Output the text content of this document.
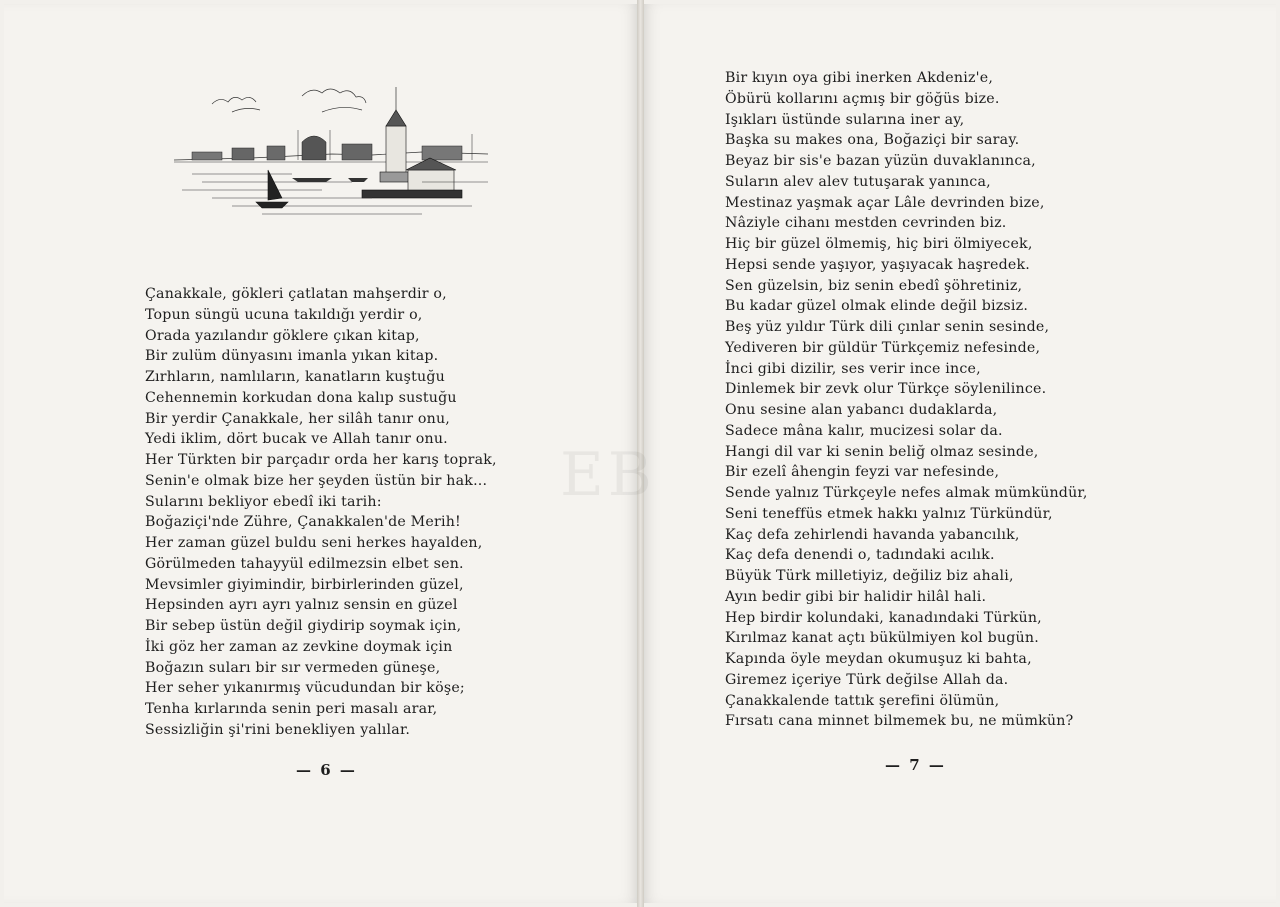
EB
Çanakkale, gökleri çatlatan mahşerdir o,
Topun süngü ucuna takıldığı yerdir o,
Orada yazılandır göklere çıkan kitap,
Bir zulüm dünyasını imanla yıkan kitap.
Zırhların, namlıların, kanatların kuştuğu
Cehennemin korkudan dona kalıp sustuğu
Bir yerdir Çanakkale, her silâh tanır onu,
Yedi iklim, dört bucak ve Allah tanır onu.
Her Türkten bir parçadır orda her karış toprak,
Senin'e olmak bize her şeyden üstün bir hak...
Sularını bekliyor ebedî iki tarih:
Boğaziçi'nde Zühre, Çanakkalen'de Merih!
Her zaman güzel buldu seni herkes hayalden,
Görülmeden tahayyül edilmezsin elbet sen.
Mevsimler giyimindir, birbirlerinden güzel,
Hepsinden ayrı ayrı yalnız sensin en güzel
Bir sebep üstün değil giydirip soymak için,
İki göz her zaman az zevkine doymak için
Boğazın suları bir sır vermeden güneşe,
Her seher yıkanırmış vücudundan bir köşe;
Tenha kırlarında senin peri masalı arar,
Sessizliğin şi'rini benekliyen yalılar.
— 6 —
Bir kıyın oya gibi inerken Akdeniz'e,
Öbürü kollarını açmış bir göğüs bize.
Işıkları üstünde sularına iner ay,
Başka su makes ona, Boğaziçi bir saray.
Beyaz bir sis'e bazan yüzün duvaklanınca,
Suların alev alev tutuşarak yanınca,
Mestinaz yaşmak açar Lâle devrinden bize,
Nâziyle cihanı mestden cevrinden biz.
Hiç bir güzel ölmemiş, hiç biri ölmiyecek,
Hepsi sende yaşıyor, yaşıyacak haşredek.
Sen güzelsin, biz senin ebedî şöhretiniz,
Bu kadar güzel olmak elinde değil bizsiz.
Beş yüz yıldır Türk dili çınlar senin sesinde,
Yediveren bir güldür Türkçemiz nefesinde,
İnci gibi dizilir, ses verir ince ince,
Dinlemek bir zevk olur Türkçe söylenilince.
Onu sesine alan yabancı dudaklarda,
Sadece mâna kalır, mucizesi solar da.
Hangi dil var ki senin beliğ olmaz sesinde,
Bir ezelî âhengin feyzi var nefesinde,
Sende yalnız Türkçeyle nefes almak mümkündür,
Seni teneffüs etmek hakkı yalnız Türkündür,
Kaç defa zehirlendi havanda yabancılık,
Kaç defa denendi o, tadındaki acılık.
Büyük Türk milletiyiz, değiliz biz ahali,
Ayın bedir gibi bir halidir hilâl hali.
Hep birdir kolundaki, kanadındaki Türkün,
Kırılmaz kanat açtı bükülmiyen kol bugün.
Kapında öyle meydan okumuşuz ki bahta,
Giremez içeriye Türk değilse Allah da.
Çanakkalende tattık şerefini ölümün,
Fırsatı cana minnet bilmemek bu, ne mümkün?
— 7 —
